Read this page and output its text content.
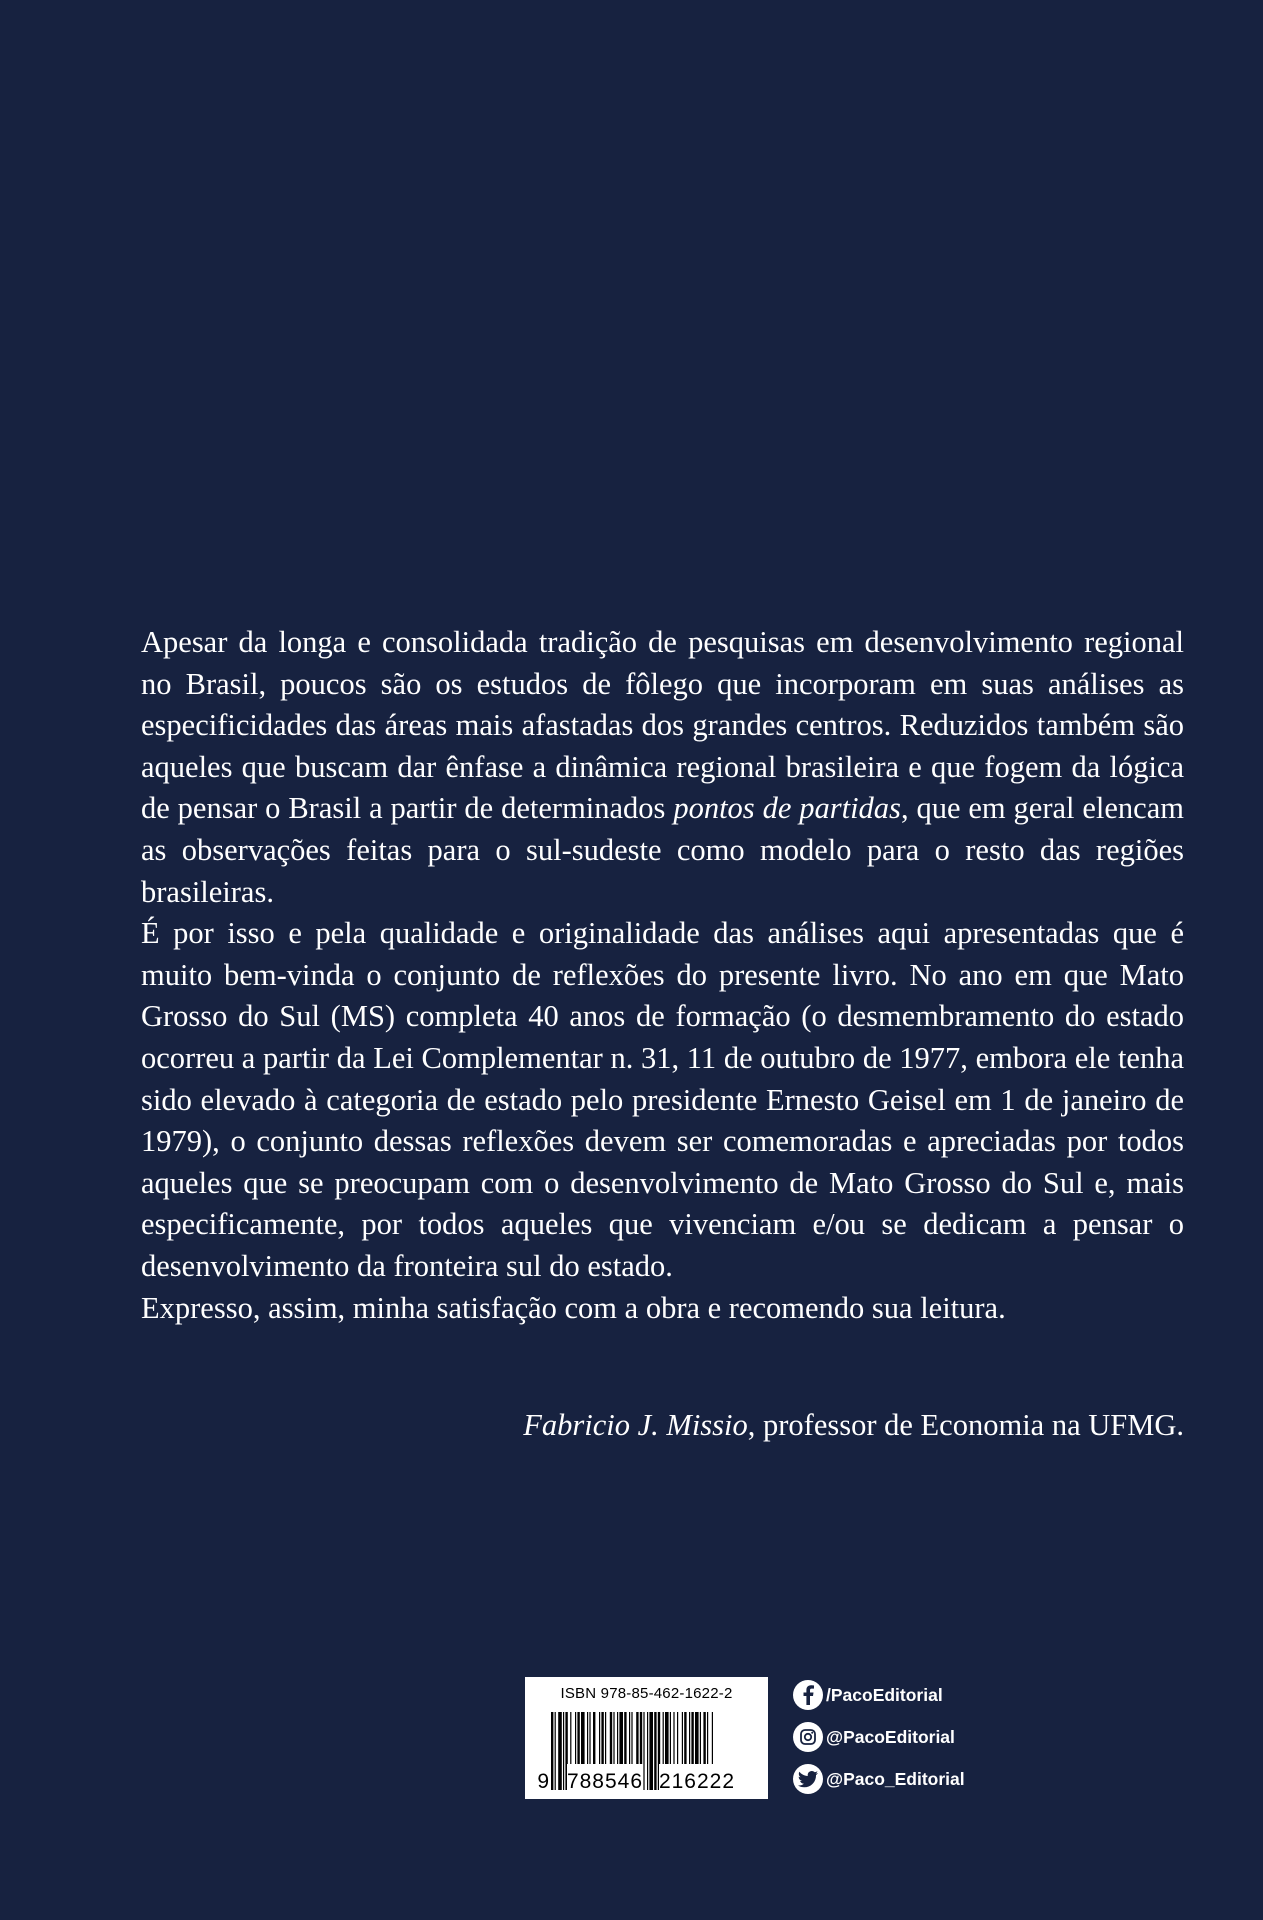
Apesar da longa e consolidada tradição de pesquisas em desenvolvimento regional no Brasil, poucos são os estudos de fôlego que incorporam em suas análises as especificidades das áreas mais afastadas dos grandes centros. Reduzidos também são aqueles que buscam dar ênfase a dinâmica regional brasileira e que fogem da lógica de pensar o Brasil a partir de determinados pontos de partidas, que em geral elencam as observações feitas para o sul-sudeste como modelo para o resto das regiões brasileiras.

É por isso e pela qualidade e originalidade das análises aqui apresentadas que é muito bem-vinda o conjunto de reflexões do presente livro. No ano em que Mato Grosso do Sul (MS) completa 40 anos de formação (o desmembramento do estado ocorreu a partir da Lei Complementar n. 31, 11 de outubro de 1977, embora ele tenha sido elevado à categoria de estado pelo presidente Ernesto Geisel em 1 de janeiro de 1979), o conjunto dessas reflexões devem ser comemoradas e apreciadas por todos aqueles que se preocupam com o desenvolvimento de Mato Grosso do Sul e, mais especificamente, por todos aqueles que vivenciam e/ou se dedicam a pensar o desenvolvimento da fronteira sul do estado.

Expresso, assim, minha satisfação com a obra e recomendo sua leitura.

Fabricio J. Missio, professor de Economia na UFMG.
ISBN 978-85-462-1622-2
9 788546 216222
/PacoEditorial
@PacoEditorial
@Paco_Editorial
